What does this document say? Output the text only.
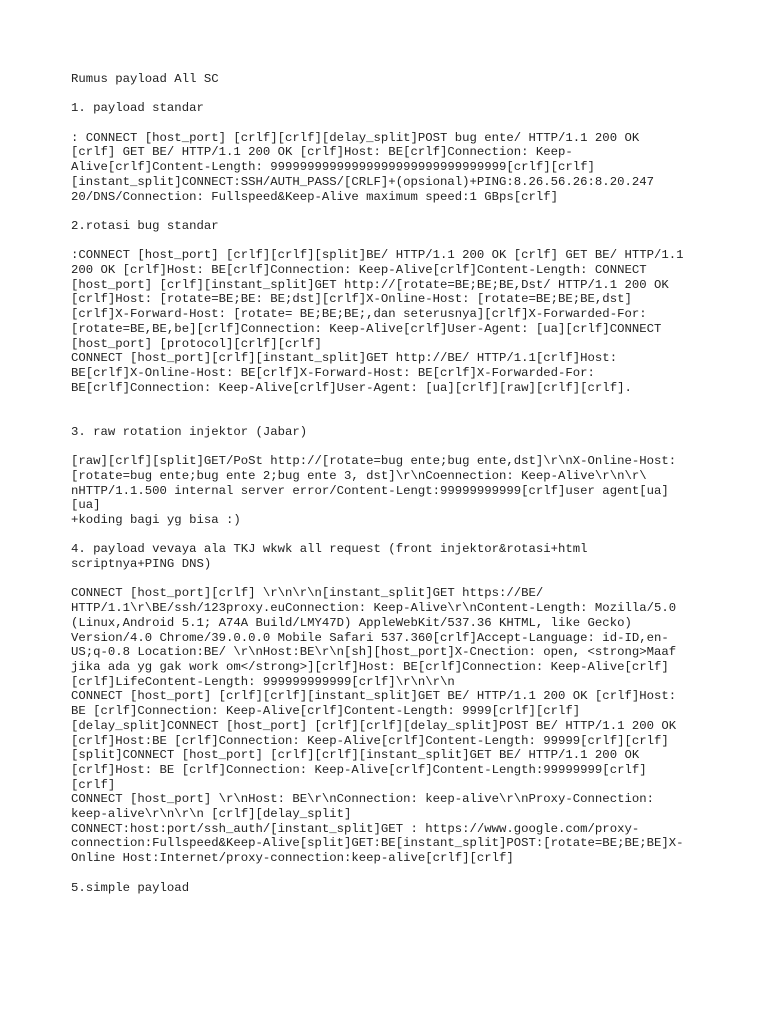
Rumus payload All SC
1. payload standar
: CONNECT [host_port] [crlf][crlf][delay_split]POST bug ente/ HTTP/1.1 200 OK
[crlf] GET BE/ HTTP/1.1 200 OK [crlf]Host: BE[crlf]Connection: Keep-
Alive[crlf]Content-Length: 99999999999999999999999999999999[crlf][crlf]
[instant_split]CONNECT:SSH/AUTH_PASS/[CRLF]+(opsional)+PING:8.26.56.26:8.20.247
20/DNS/Connection: Fullspeed&Keep-Alive maximum speed:1 GBps[crlf]
2.rotasi bug standar
:CONNECT [host_port] [crlf][crlf][split]BE/ HTTP/1.1 200 OK [crlf] GET BE/ HTTP/1.1
200 OK [crlf]Host: BE[crlf]Connection: Keep-Alive[crlf]Content-Length: CONNECT
[host_port] [crlf][instant_split]GET http://[rotate=BE;BE;BE,Dst/ HTTP/1.1 200 OK
[crlf]Host: [rotate=BE;BE: BE;dst][crlf]X-Online-Host: [rotate=BE;BE;BE,dst]
[crlf]X-Forward-Host: [rotate= BE;BE;BE;,dan seterusnya][crlf]X-Forwarded-For:
[rotate=BE,BE,be][crlf]Connection: Keep-Alive[crlf]User-Agent: [ua][crlf]CONNECT
[host_port] [protocol][crlf][crlf]
CONNECT [host_port][crlf][instant_split]GET http://BE/ HTTP/1.1[crlf]Host:
BE[crlf]X-Online-Host: BE[crlf]X-Forward-Host: BE[crlf]X-Forwarded-For:
BE[crlf]Connection: Keep-Alive[crlf]User-Agent: [ua][crlf][raw][crlf][crlf].
3. raw rotation injektor (Jabar)
[raw][crlf][split]GET/PoSt http://[rotate=bug ente;bug ente,dst]\r\nX-Online-Host:
[rotate=bug ente;bug ente 2;bug ente 3, dst]\r\nCoennection: Keep-Alive\r\n\r\
nHTTP/1.1.500 internal server error/Content-Lengt:99999999999[crlf]user agent[ua]
[ua]
+koding bagi yg bisa :)
4. payload vevaya ala TKJ wkwk all request (front injektor&rotasi+html
scriptnya+PING DNS)
CONNECT [host_port][crlf] \r\n\r\n[instant_split]GET https://BE/
HTTP/1.1\r\BE/ssh/123proxy.euConnection: Keep-Alive\r\nContent-Length: Mozilla/5.0
(Linux,Android 5.1; A74A Build/LMY47D) AppleWebKit/537.36 KHTML, like Gecko)
Version/4.0 Chrome/39.0.0.0 Mobile Safari 537.360[crlf]Accept-Language: id-ID,en-
US;q-0.8 Location:BE/ \r\nHost:BE\r\n[sh][host_port]X-Cnection: open, <strong>Maaf
jika ada yg gak work om</strong>][crlf]Host: BE[crlf]Connection: Keep-Alive[crlf]
[crlf]LifeContent-Length: 999999999999[crlf]\r\n\r\n
CONNECT [host_port] [crlf][crlf][instant_split]GET BE/ HTTP/1.1 200 OK [crlf]Host:
BE [crlf]Connection: Keep-Alive[crlf]Content-Length: 9999[crlf][crlf]
[delay_split]CONNECT [host_port] [crlf][crlf][delay_split]POST BE/ HTTP/1.1 200 OK
[crlf]Host:BE [crlf]Connection: Keep-Alive[crlf]Content-Length: 99999[crlf][crlf]
[split]CONNECT [host_port] [crlf][crlf][instant_split]GET BE/ HTTP/1.1 200 OK
[crlf]Host: BE [crlf]Connection: Keep-Alive[crlf]Content-Length:99999999[crlf]
[crlf]
CONNECT [host_port] \r\nHost: BE\r\nConnection: keep-alive\r\nProxy-Connection:
keep-alive\r\n\r\n [crlf][delay_split]
CONNECT:host:port/ssh_auth/[instant_split]GET : https://www.google.com/proxy-
connection:Fullspeed&Keep-Alive[split]GET:BE[instant_split]POST:[rotate=BE;BE;BE]X-
Online Host:Internet/proxy-connection:keep-alive[crlf][crlf]
5.simple payload
